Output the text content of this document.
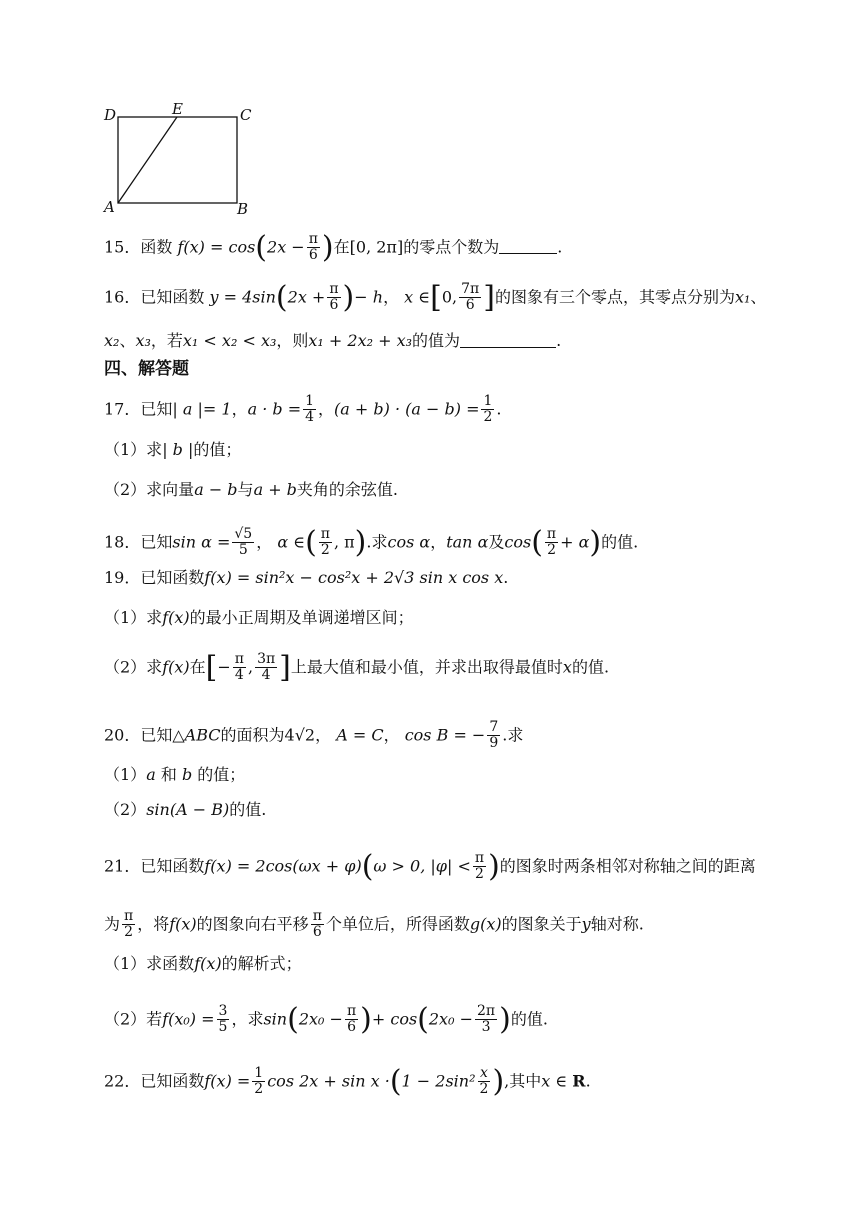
D	E	C
A	B
15．函数 $f(x) = \cos(2x - \frac{\pi}{6}$ )在[0, 2π]的零点个数为	.
16．已知函数 $y = 4\sin(2x + \frac{\pi}{6}$ )− h， x ∈[0, $\frac{7\pi}{6}$ ]的图象有三个零点，其零点分别为x₁、
x₂、x₃，若x₁ < x₂ < x₃，则x₁ + 2x₂ + x₃的值为	.
四、解答题
17．已知| a |= 1，$a \cdot b = \frac{1}{4}$ ，$(a + b) \cdot (a - b) = \frac{1}{2}$ .
（1）求| b |的值；
（2）求向量a − b与a + b夹角的余弦值.
18．已知$\sin \alpha = \frac{√5}{5}$ ， α ∈( $\frac{\pi}{2}$ , π).求cos α，tan α及$\cos( \frac{\pi}{2} + \alpha)$的值.
19．已知函数f(x) = sin²x − cos²x + 2√3 sin x cos x.
（1）求f(x)的最小正周期及单调递增区间；
（2）求f(x)在[− $\frac{\pi}{4}$ , $\frac{3\pi}{4}$ ]上最大值和最小值，并求出取得最值时x的值.
20．已知△ABC的面积为4√2， A = C， cos B = − $\frac{7}{9}$ .求
（1）a 和 b 的值；
（2）sin(A − B)的值.
21．已知函数f(x) = 2cos(ωx + φ)(ω > 0, $|\varphi| < \frac{\pi}{2}$ )的图象时两条相邻对称轴之间的距离
为 $\frac{\pi}{2}$ ，将f(x)的图象向右平移 $\frac{\pi}{6}$ 个单位后，所得函数g(x)的图象关于y轴对称.
（1）求函数f(x)的解析式；
（2）若$f(x_0) = \frac{3}{5}$ ，求$\sin(2x_0 - \frac{\pi}{6}$ )+ $\cos(2x_0 - \frac{2\pi}{3}$ )的值.
22．已知函数$f(x) = \frac{1}{2}$ $\cos 2x + \sin x \cdot(1 - 2\sin^2 \frac{x}{2}$ ),其中x ∈ R.
